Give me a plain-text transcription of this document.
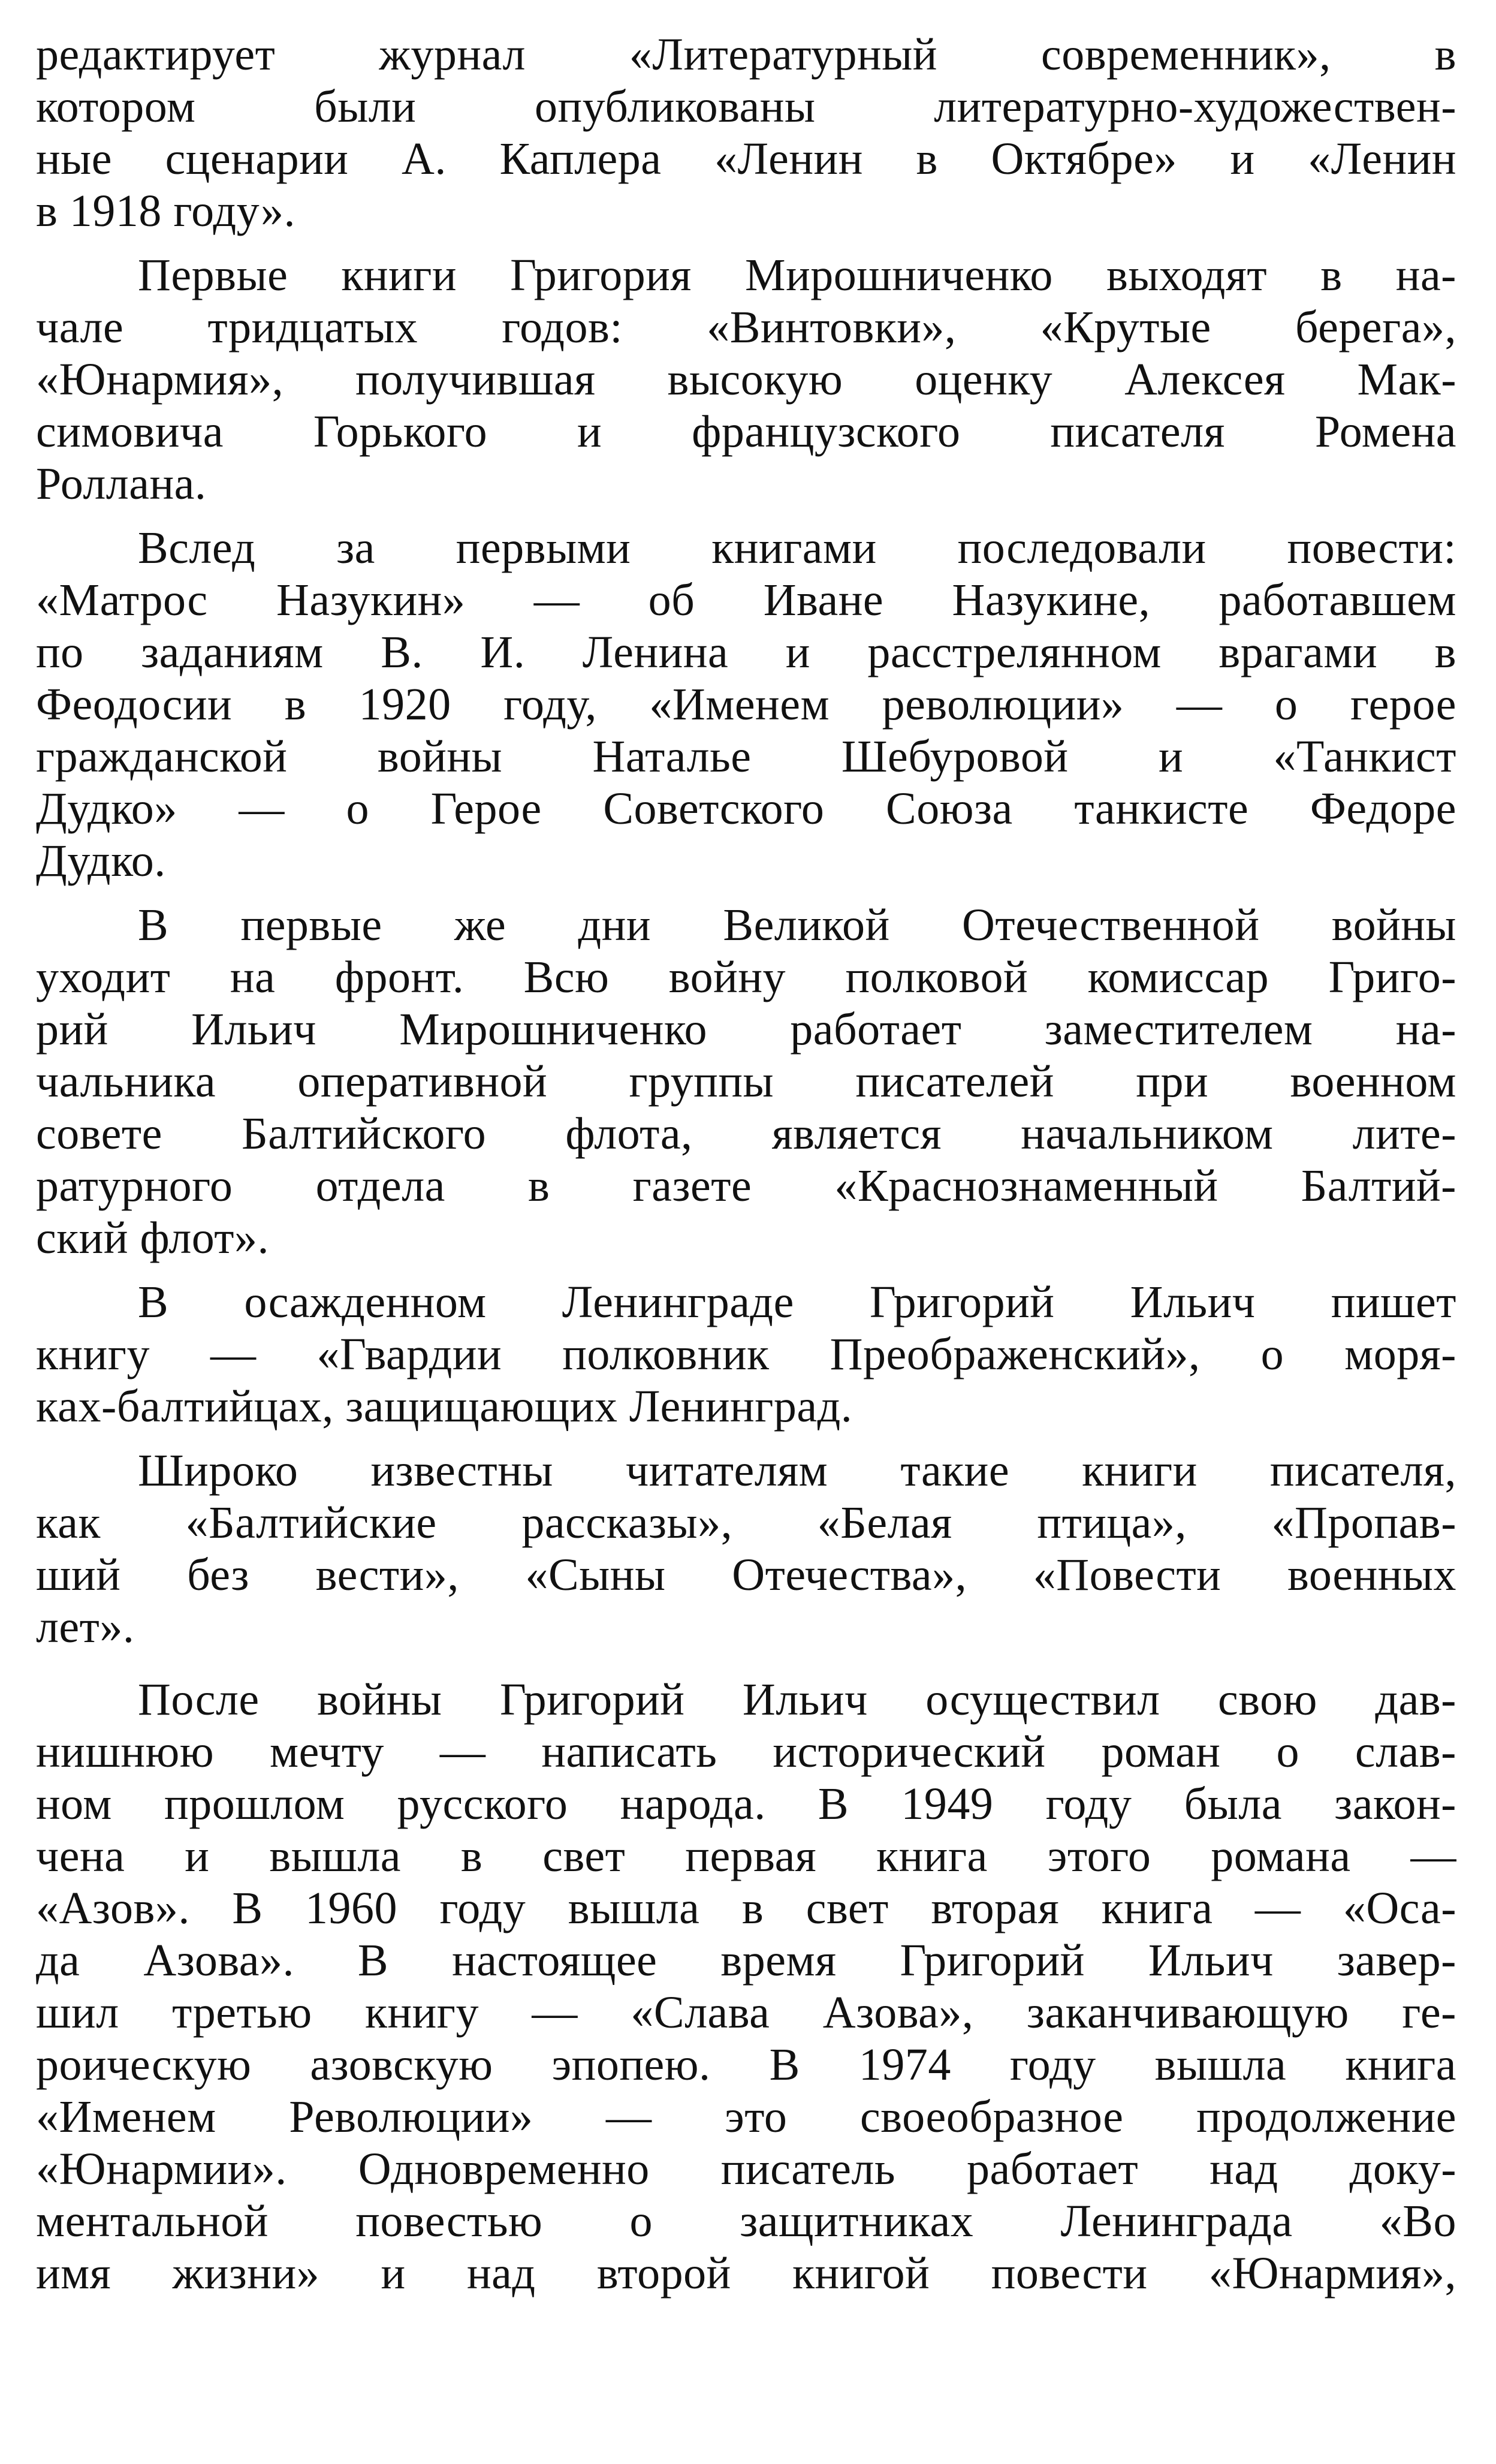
редактирует журнал «Литературный современник», в
котором были опубликованы литературно-художествен-
ные сценарии А. Каплера «Ленин в Октябре» и «Ленин
в 1918 году».
Первые книги Григория Мирошниченко выходят в на-
чале тридцатых годов: «Винтовки», «Крутые берега»,
«Юнармия», получившая высокую оценку Алексея Мак-
симовича Горького и французского писателя Ромена
Роллана.
Вслед за первыми книгами последовали повести:
«Матрос Назукин» — об Иване Назукине, работавшем
по заданиям В. И. Ленина и расстрелянном врагами в
Феодосии в 1920 году, «Именем революции» — о герое
гражданской войны Наталье Шебуровой и «Танкист
Дудко» — о Герое Советского Союза танкисте Федоре
Дудко.
В первые же дни Великой Отечественной войны
уходит на фронт. Всю войну полковой комиссар Григо-
рий Ильич Мирошниченко работает заместителем на-
чальника оперативной группы писателей при военном
совете Балтийского флота, является начальником лите-
ратурного отдела в газете «Краснознаменный Балтий-
ский флот».
В осажденном Ленинграде Григорий Ильич пишет
книгу — «Гвардии полковник Преображенский», о моря-
ках-балтийцах, защищающих Ленинград.
Широко известны читателям такие книги писателя,
как «Балтийские рассказы», «Белая птица», «Пропав-
ший без вести», «Сыны Отечества», «Повести военных
лет».
После войны Григорий Ильич осуществил свою дав-
нишнюю мечту — написать исторический роман о слав-
ном прошлом русского народа. В 1949 году была закон-
чена и вышла в свет первая книга этого романа —
«Азов». В 1960 году вышла в свет вторая книга — «Оса-
да Азова». В настоящее время Григорий Ильич завер-
шил третью книгу — «Слава Азова», заканчивающую ге-
роическую азовскую эпопею. В 1974 году вышла книга
«Именем Революции» — это своеобразное продолжение
«Юнармии». Одновременно писатель работает над доку-
ментальной повестью о защитниках Ленинграда «Во
имя жизни» и над второй книгой повести «Юнармия»,
